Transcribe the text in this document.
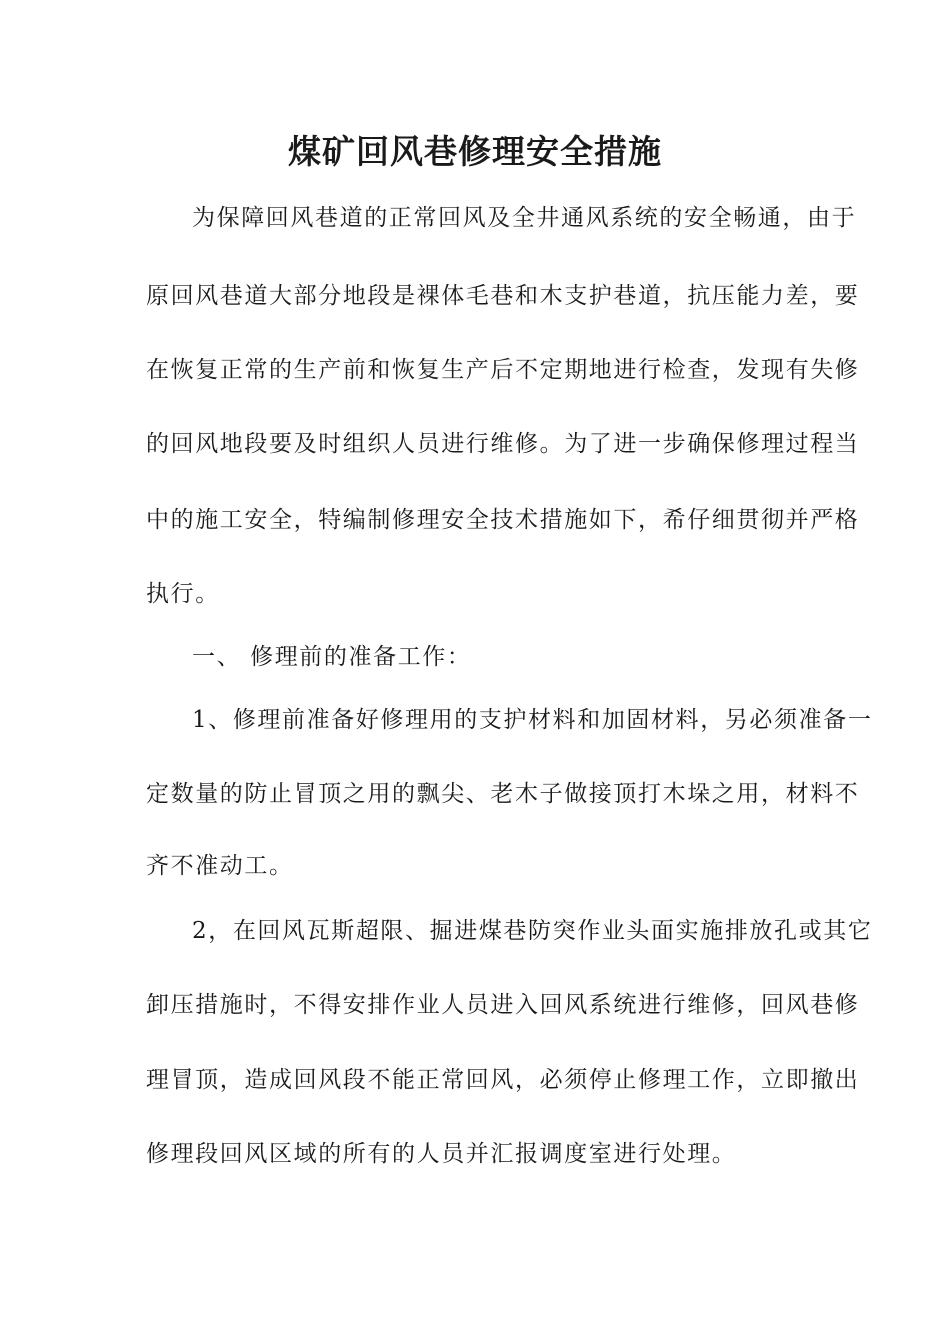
煤矿回风巷修理安全措施
为保障回风巷道的正常回风及全井通风系统的安全畅通，由于
原回风巷道大部分地段是裸体毛巷和木支护巷道，抗压能力差，要
在恢复正常的生产前和恢复生产后不定期地进行检查，发现有失修
的回风地段要及时组织人员进行维修。为了进一步确保修理过程当
中的施工安全，特编制修理安全技术措施如下，希仔细贯彻并严格
执行。
一、 修理前的准备工作：
1、修理前准备好修理用的支护材料和加固材料，另必须准备一
定数量的防止冒顶之用的飘尖、老木子做接顶打木垛之用，材料不
齐不准动工。
2，在回风瓦斯超限、掘进煤巷防突作业头面实施排放孔或其它
卸压措施时，不得安排作业人员进入回风系统进行维修，回风巷修
理冒顶，造成回风段不能正常回风，必须停止修理工作，立即撤出
修理段回风区域的所有的人员并汇报调度室进行处理。
